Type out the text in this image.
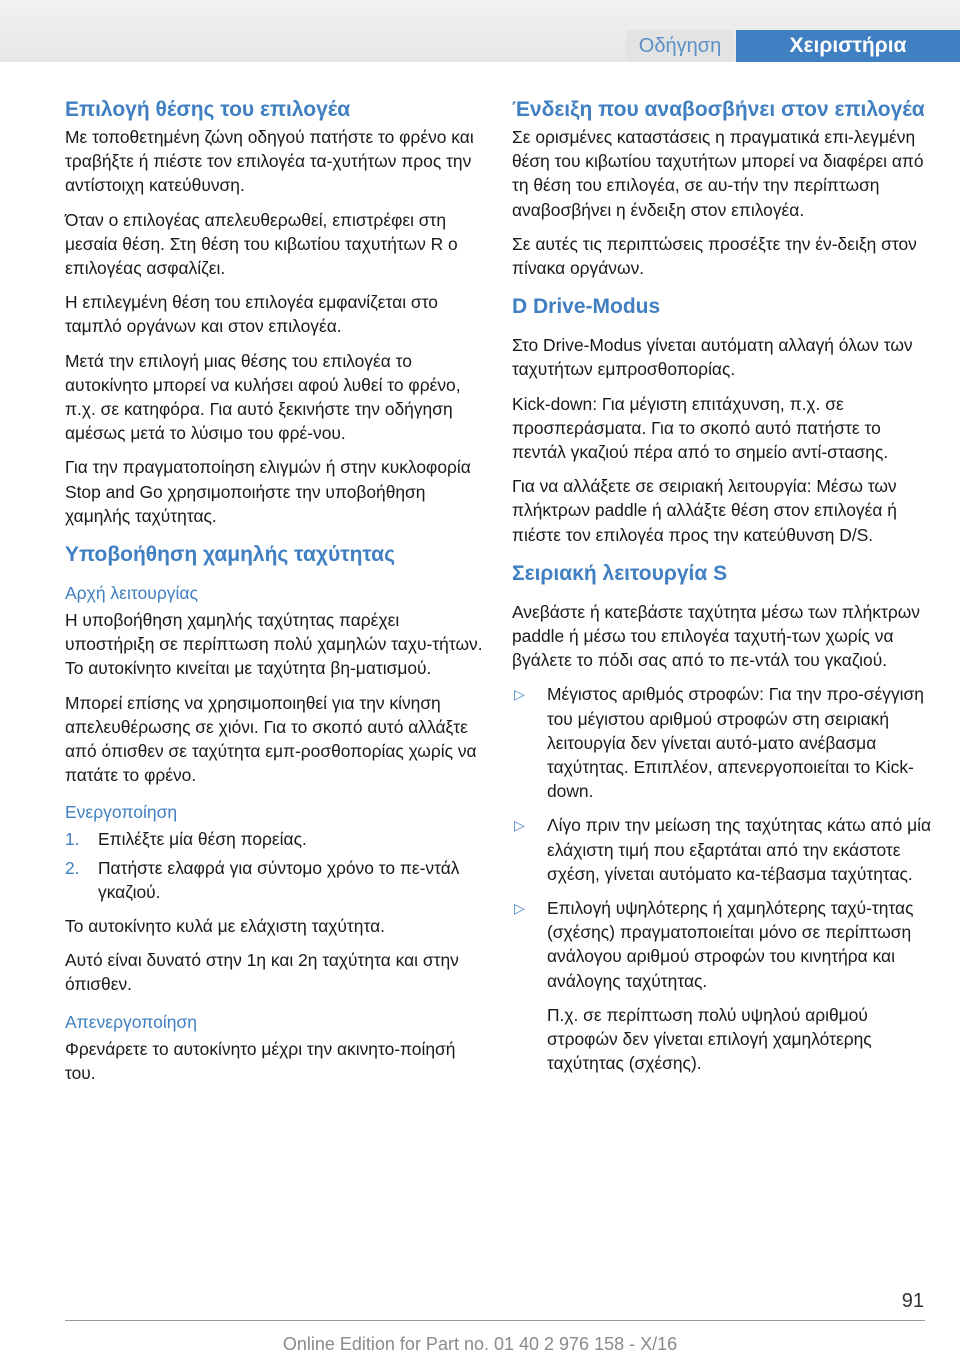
Οδήγηση	Χειριστήρια
Επιλογή θέσης του επιλογέα

Με τοποθετημένη ζώνη οδηγού πατήστε το φρένο και τραβήξτε ή πιέστε τον επιλογέα τα‐χυτήτων προς την αντίστοιχη κατεύθυνση.

Όταν ο επιλογέας απελευθερωθεί, επιστρέφει στη μεσαία θέση. Στη θέση του κιβωτίου ταχυτήτων R ο επιλογέας ασφαλίζει.

Η επιλεγμένη θέση του επιλογέα εμφανίζεται στο ταμπλό οργάνων και στον επιλογέα.

Μετά την επιλογή μιας θέσης του επιλογέα το αυτοκίνητο μπορεί να κυλήσει αφού λυθεί το φρένο, π.χ. σε κατηφόρα. Για αυτό ξεκινήστε την οδήγηση αμέσως μετά το λύσιμο του φρέ‐νου.

Για την πραγματοποίηση ελιγμών ή στην κυκλοφορία Stop and Go χρησιμοποιήστε την υποβοήθηση χαμηλής ταχύτητας.

Υποβοήθηση χαμηλής ταχύτητας
Αρχή λειτουργίας

Η υποβοήθηση χαμηλής ταχύτητας παρέχει υποστήριξη σε περίπτωση πολύ χαμηλών ταχυ‐τήτων. Το αυτοκίνητο κινείται με ταχύτητα βη‐ματισμού.

Μπορεί επίσης να χρησιμοποιηθεί για την κίνηση απελευθέρωσης σε χιόνι. Για το σκοπό αυτό αλλάξτε από όπισθεν σε ταχύτητα εμπ‐ροσθοπορίας χωρίς να πατάτε το φρένο.

Ενεργοποίηση
1. Επιλέξτε μία θέση πορείας.
2. Πατήστε ελαφρά για σύντομο χρόνο το πε‐ντάλ γκαζιού.

Το αυτοκίνητο κυλά με ελάχιστη ταχύτητα.

Αυτό είναι δυνατό στην 1η και 2η ταχύτητα και στην όπισθεν.

Απενεργοποίηση

Φρενάρετε το αυτοκίνητο μέχρι την ακινητο‐ποίησή του.

Ένδειξη που αναβοσβήνει στον επιλογέα

Σε ορισμένες καταστάσεις η πραγματικά επι‐λεγμένη θέση του κιβωτίου ταχυτήτων μπορεί να διαφέρει από τη θέση του επιλογέα, σε αυ‐τήν την περίπτωση αναβοσβήνει η ένδειξη στον επιλογέα.

Σε αυτές τις περιπτώσεις προσέξτε την έν‐δειξη στον πίνακα οργάνων.

D Drive-Modus

Στο Drive-Modus γίνεται αυτόματη αλλαγή όλων των ταχυτήτων εμπροσθοπορίας.

Kick-down: Για μέγιστη επιτάχυνση, π.χ. σε προσπεράσματα. Για το σκοπό αυτό πατήστε το πεντάλ γκαζιού πέρα από το σημείο αντί‐στασης.

Για να αλλάξετε σε σειριακή λειτουργία: Μέσω των πλήκτρων paddle ή αλλάξτε θέση στον επιλογέα ή πιέστε τον επιλογέα προς την κατεύθυνση D/S.

Σειριακή λειτουργία S

Ανεβάστε ή κατεβάστε ταχύτητα μέσω των πλήκτρων paddle ή μέσω του επιλογέα ταχυτή‐των χωρίς να βγάλετε το πόδι σας από το πε‐ντάλ του γκαζιού.

▷ Μέγιστος αριθμός στροφών: Για την προ‐σέγγιση του μέγιστου αριθμού στροφών στη σειριακή λειτουργία δεν γίνεται αυτό‐ματο ανέβασμα ταχύτητας. Επιπλέον, απενεργοποιείται το Kick-down.
▷ Λίγο πριν την μείωση της ταχύτητας κάτω από μία ελάχιστη τιμή που εξαρτάται από την εκάστοτε σχέση, γίνεται αυτόματο κα‐τέβασμα ταχύτητας.
▷ Επιλογή υψηλότερης ή χαμηλότερης ταχύ‐τητας (σχέσης) πραγματοποιείται μόνο σε περίπτωση ανάλογου αριθμού στροφών του κινητήρα και ανάλογης ταχύτητας.

Π.χ. σε περίπτωση πολύ υψηλού αριθμού στροφών δεν γίνεται επιλογή χαμηλότερης ταχύτητας (σχέσης).

91
Online Edition for Part no. 01 40 2 976 158 - X/16
